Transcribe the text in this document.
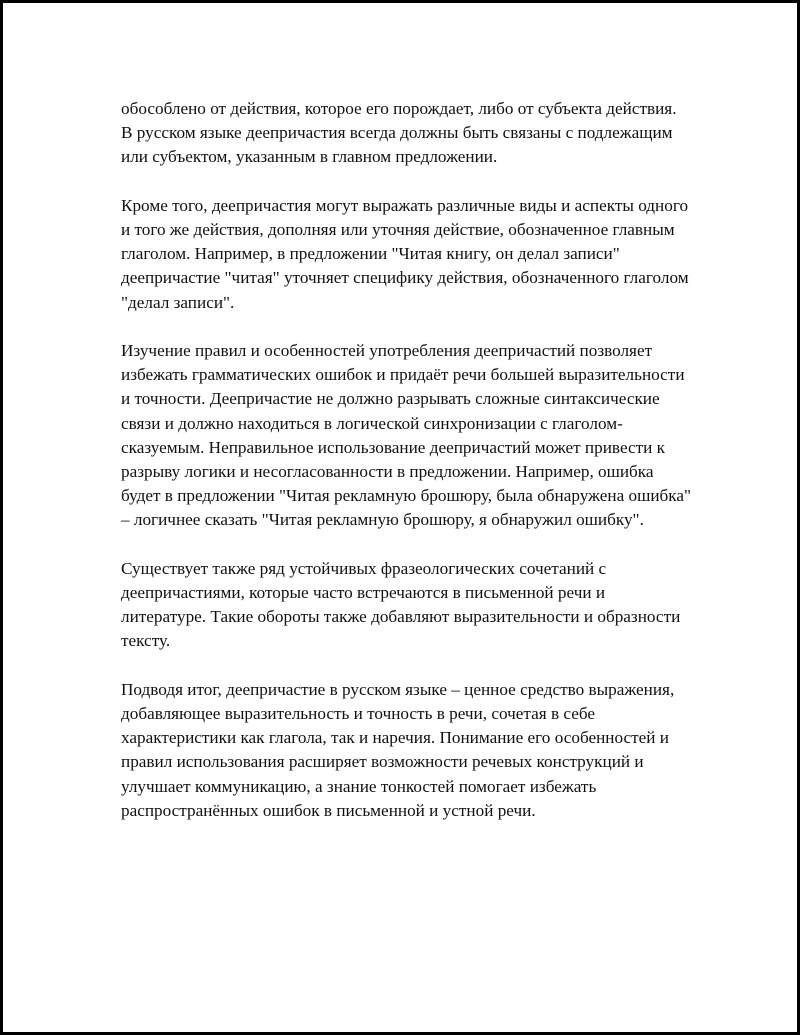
обособлено от действия, которое его порождает, либо от субъекта действия. В русском языке деепричастия всегда должны быть связаны с подлежащим или субъектом, указанным в главном предложении.

Кроме того, деепричастия могут выражать различные виды и аспекты одного и того же действия, дополняя или уточняя действие, обозначенное главным глаголом. Например, в предложении "Читая книгу, он делал записи" деепричастие "читая" уточняет специфику действия, обозначенного глаголом "делал записи".

Изучение правил и особенностей употребления деепричастий позволяет избежать грамматических ошибок и придаёт речи большей выразительности и точности. Деепричастие не должно разрывать сложные синтаксические связи и должно находиться в логической синхронизации с глаголом-сказуемым. Неправильное использование деепричастий может привести к разрыву логики и несогласованности в предложении. Например, ошибка будет в предложении "Читая рекламную брошюру, была обнаружена ошибка" – логичнее сказать "Читая рекламную брошюру, я обнаружил ошибку".

Существует также ряд устойчивых фразеологических сочетаний с деепричастиями, которые часто встречаются в письменной речи и литературе. Такие обороты также добавляют выразительности и образности тексту.

Подводя итог, деепричастие в русском языке – ценное средство выражения, добавляющее выразительность и точность в речи, сочетая в себе характеристики как глагола, так и наречия. Понимание его особенностей и правил использования расширяет возможности речевых конструкций и улучшает коммуникацию, а знание тонкостей помогает избежать распространённых ошибок в письменной и устной речи.
